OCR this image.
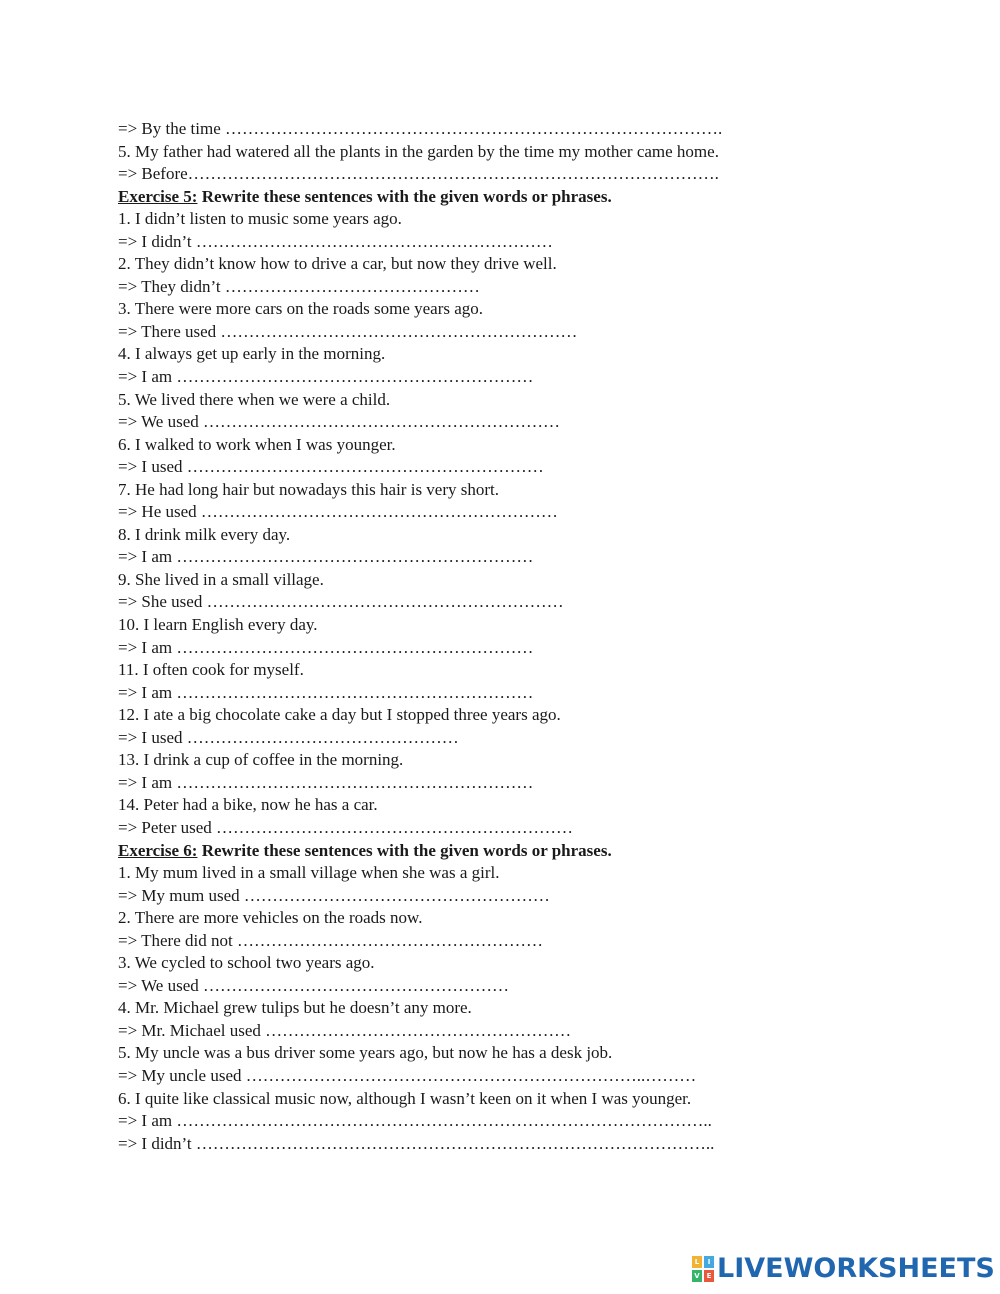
=> By the time …………………………………………………………………………….
5. My father had watered all the plants in the garden by the time my mother came home.
=> Before………………………………………………………………………………….
Exercise 5: Rewrite these sentences with the given words or phrases.
1. I didn’t listen to music some years ago.
=> I didn’t ………………………………………………………
2. They didn’t know how to drive a car, but now they drive well.
=> They didn’t ………………………………………
3. There were more cars on the roads some years ago.
=> There used ………………………………………………………
4. I always get up early in the morning.
=> I am ………………………………………………………
5. We lived there when we were a child.
=> We used ………………………………………………………
6. I walked to work when I was younger.
=> I used ………………………………………………………
7. He had long hair but nowadays this hair is very short.
=> He used ………………………………………………………
8. I drink milk every day.
=> I am ………………………………………………………
9. She lived in a small village.
=> She used ………………………………………………………
10. I learn English every day.
=> I am ………………………………………………………
11. I often cook for myself.
=> I am ………………………………………………………
12. I ate a big chocolate cake a day but I stopped three years ago.
=> I used …………………………………………
13. I drink a cup of coffee in the morning.
=> I am ………………………………………………………
14. Peter had a bike, now he has a car.
=> Peter used ………………………………………………………
Exercise 6: Rewrite these sentences with the given words or phrases.
1. My mum lived in a small village when she was a girl.
=> My mum used ………………………………………………
2. There are more vehicles on the roads now.
=> There did not ………………………………………………
3. We cycled to school two years ago.
=> We used ………………………………………………
4. Mr. Michael grew tulips but he doesn’t any more.
=> Mr. Michael used ………………………………………………
5. My uncle was a bus driver some years ago, but now he has a desk job.
=> My uncle used ……………………………………………………………..………
6. I quite like classical music now, although I wasn’t keen on it when I was younger.
=> I am …………………………………………………………………………………..
=> I didn’t ………………………………………………………………………………..
L	I
V E LIVEWORKSHEETS
